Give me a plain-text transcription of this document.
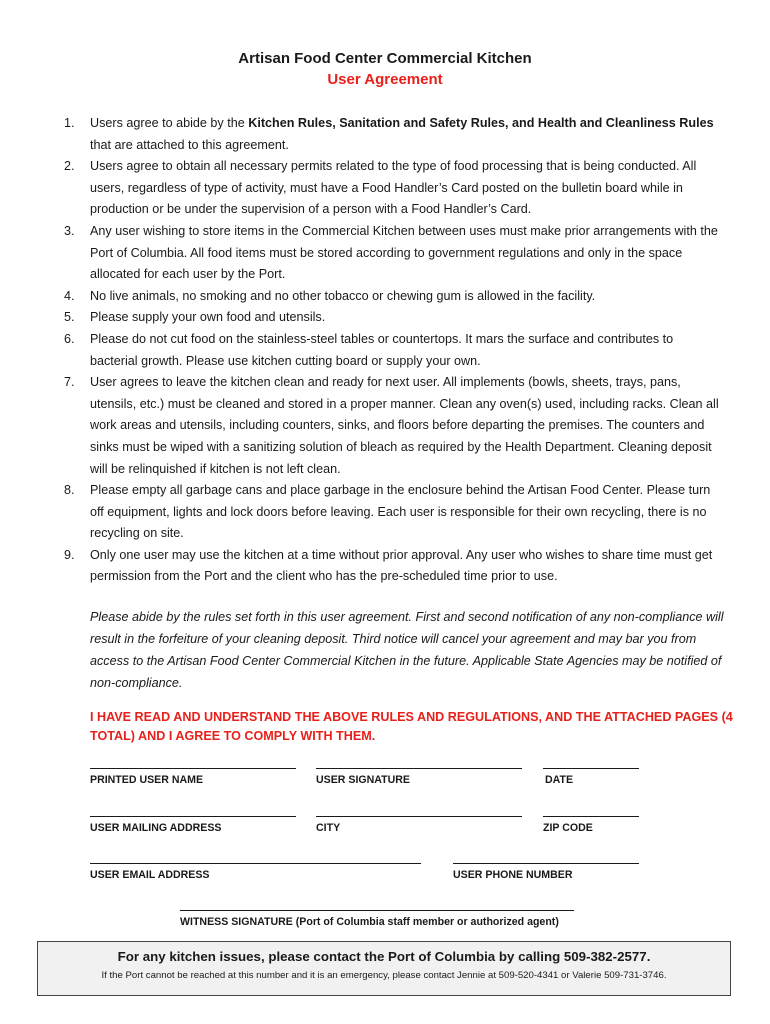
Artisan Food Center Commercial Kitchen
User Agreement
1. Users agree to abide by the Kitchen Rules, Sanitation and Safety Rules, and Health and Cleanliness Rules that are attached to this agreement.
2. Users agree to obtain all necessary permits related to the type of food processing that is being conducted. All users, regardless of type of activity, must have a Food Handler’s Card posted on the bulletin board while in production or be under the supervision of a person with a Food Handler’s Card.
3. Any user wishing to store items in the Commercial Kitchen between uses must make prior arrangements with the Port of Columbia. All food items must be stored according to government regulations and only in the space allocated for each user by the Port.
4. No live animals, no smoking and no other tobacco or chewing gum is allowed in the facility.
5. Please supply your own food and utensils.
6. Please do not cut food on the stainless-steel tables or countertops. It mars the surface and contributes to bacterial growth. Please use kitchen cutting board or supply your own.
7. User agrees to leave the kitchen clean and ready for next user. All implements (bowls, sheets, trays, pans, utensils, etc.) must be cleaned and stored in a proper manner. Clean any oven(s) used, including racks. Clean all work areas and utensils, including counters, sinks, and floors before departing the premises. The counters and sinks must be wiped with a sanitizing solution of bleach as required by the Health Department. Cleaning deposit will be relinquished if kitchen is not left clean.
8. Please empty all garbage cans and place garbage in the enclosure behind the Artisan Food Center. Please turn off equipment, lights and lock doors before leaving. Each user is responsible for their own recycling, there is no recycling on site.
9. Only one user may use the kitchen at a time without prior approval. Any user who wishes to share time must get permission from the Port and the client who has the pre-scheduled time prior to use.

Please abide by the rules set forth in this user agreement. First and second notification of any non-compliance will result in the forfeiture of your cleaning deposit. Third notice will cancel your agreement and may bar you from access to the Artisan Food Center Commercial Kitchen in the future. Applicable State Agencies may be notified of non-compliance.

I HAVE READ AND UNDERSTAND THE ABOVE RULES AND REGULATIONS, AND THE ATTACHED PAGES (4 TOTAL) AND I AGREE TO COMPLY WITH THEM.

PRINTED USER NAME	USER SIGNATURE	DATE
USER MAILING ADDRESS	CITY	ZIP CODE
USER EMAIL ADDRESS	USER PHONE NUMBER
WITNESS SIGNATURE (Port of Columbia staff member or authorized agent)
For any kitchen issues, please contact the Port of Columbia by calling 509-382-2577.
If the Port cannot be reached at this number and it is an emergency, please contact Jennie at 509-520-4341 or Valerie 509-731-3746.
